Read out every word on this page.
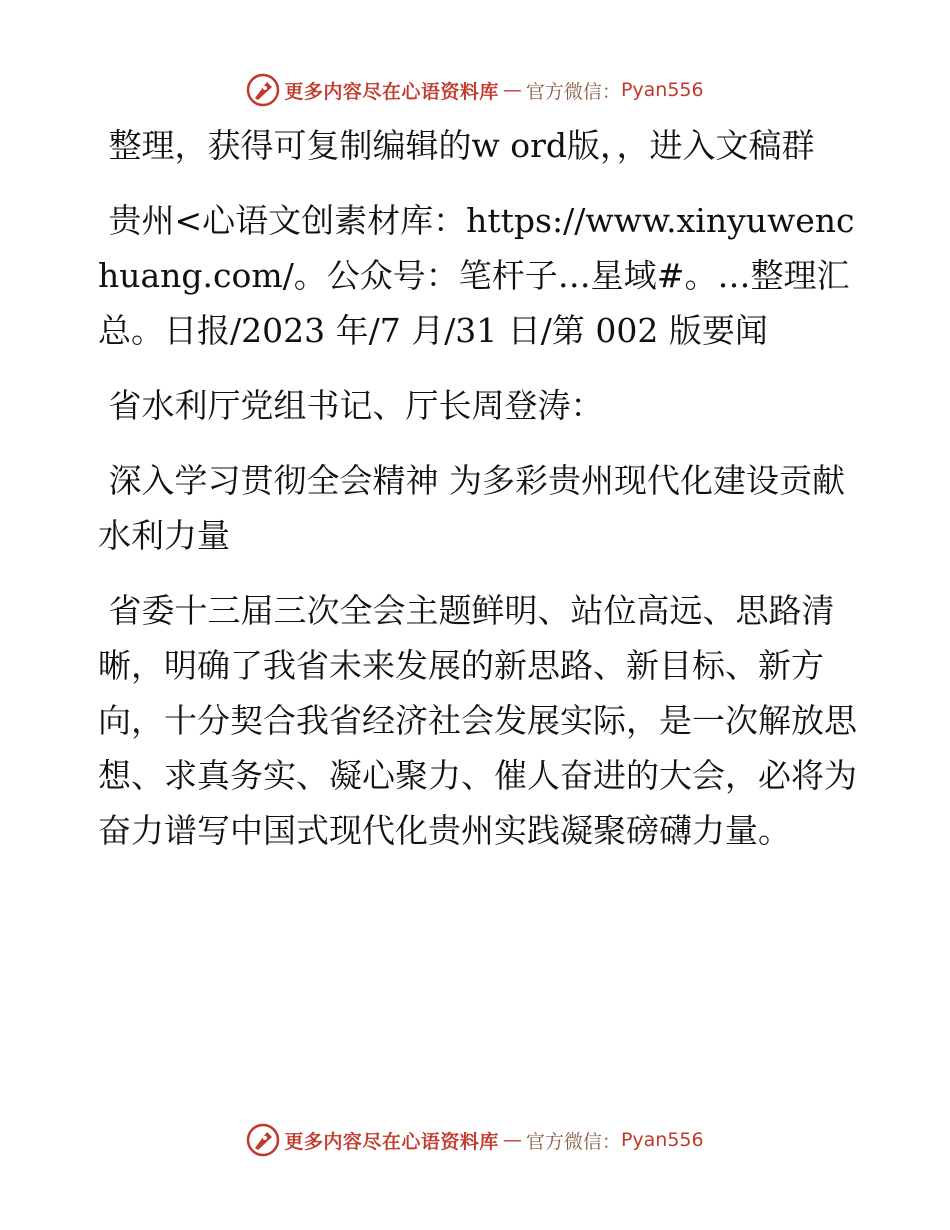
更多内容尽在心语资料库 — 官方微信： Pyan556

整理，获得可复制编辑的w ord版，，进入文稿群

贵州<心语文创素材库：https://www.xinyuwenchuang.com/。公众号：笔杆子…星域#。…整理汇总。日报/2023 年/7 月/31 日/第 002 版要闻

省水利厅党组书记、厅长周登涛：

深入学习贯彻全会精神 为多彩贵州现代化建设贡献水利力量

省委十三届三次全会主题鲜明、站位高远、思路清晰，明确了我省未来发展的新思路、新目标、新方向，十分契合我省经济社会发展实际，是一次解放思想、求真务实、凝心聚力、催人奋进的大会，必将为奋力谱写中国式现代化贵州实践凝聚磅礴力量。

更多内容尽在心语资料库 — 官方微信： Pyan556
